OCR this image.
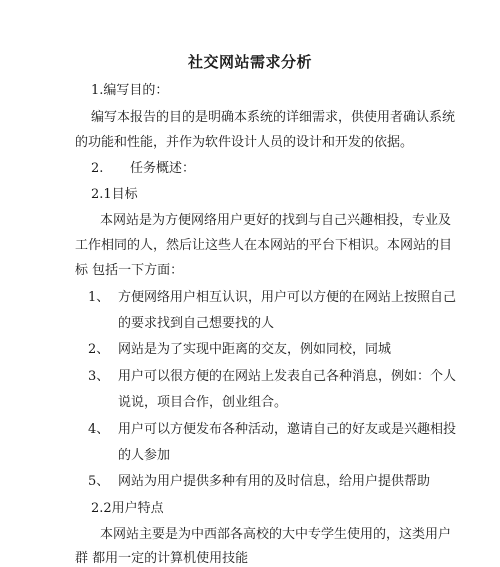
社交网站需求分析
1.编写目的：
编写本报告的目的是明确本系统的详细需求，供使用者确认系统
的功能和性能，并作为软件设计人员的设计和开发的依据。
2. 任务概述：
2.1目标
本网站是为方便网络用户更好的找到与自己兴趣相投，专业及
工作相同的人，然后让这些人在本网站的平台下相识。本网站的目
标 包括一下方面：
1、 方便网络用户相互认识，用户可以方便的在网站上按照自己
的要求找到自己想要找的人
2、 网站是为了实现中距离的交友，例如同校，同城
3、 用户可以很方便的在网站上发表自己各种消息，例如：个人
说说，项目合作，创业组合。
4、 用户可以方便发布各种活动，邀请自己的好友或是兴趣相投
的人参加
5、 网站为用户提供多种有用的及时信息，给用户提供帮助
2.2用户特点
本网站主要是为中西部各高校的大中专学生使用的，这类用户
群 都用一定的计算机使用技能
